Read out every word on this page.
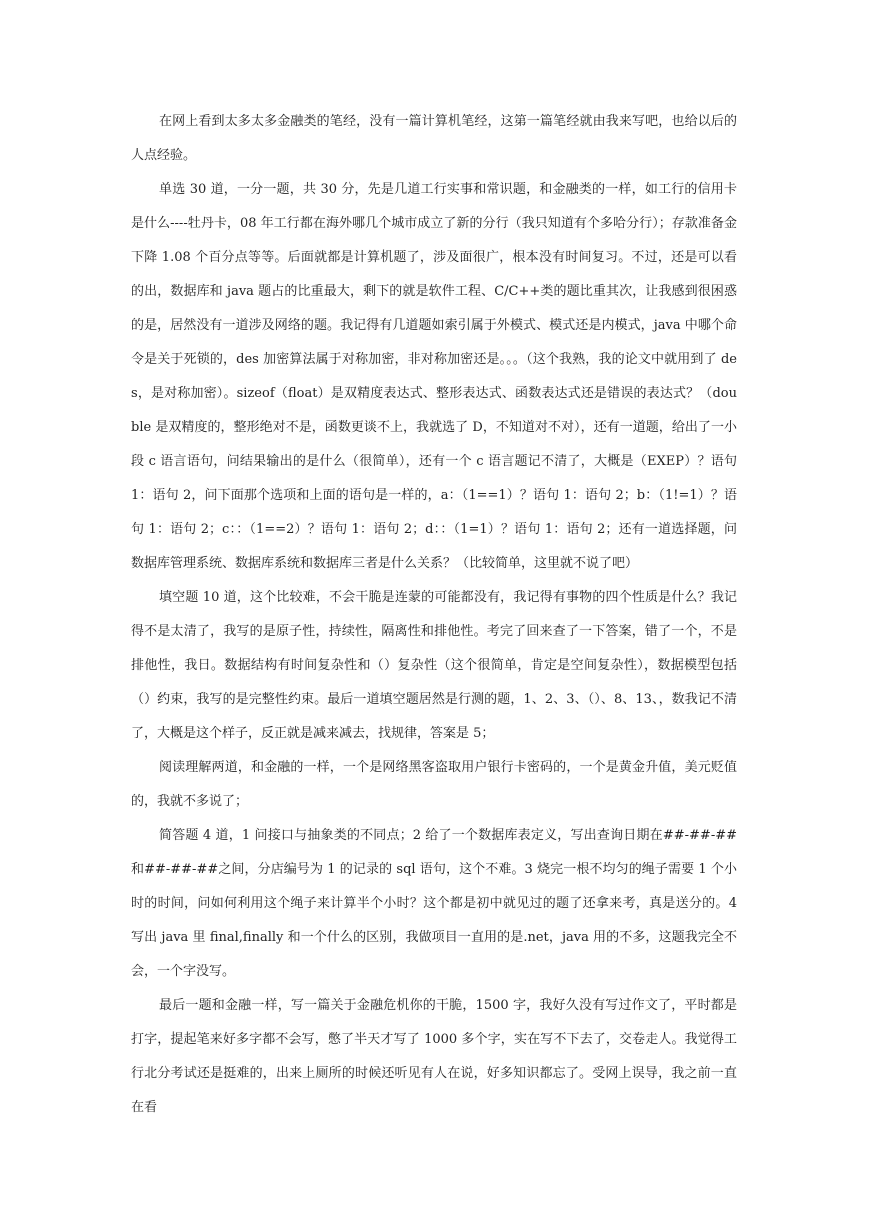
在网上看到太多太多金融类的笔经，没有一篇计算机笔经，这第一篇笔经就由我来写吧，也给以后的人点经验。

单选 30 道，一分一题，共 30 分，先是几道工行实事和常识题，和金融类的一样，如工行的信用卡是什么----牡丹卡，08 年工行都在海外哪几个城市成立了新的分行（我只知道有个多哈分行）；存款准备金下降 1.08 个百分点等等。后面就都是计算机题了，涉及面很广，根本没有时间复习。不过，还是可以看的出，数据库和 java 题占的比重最大，剩下的就是软件工程、C/C++类的题比重其次，让我感到很困惑的是，居然没有一道涉及网络的题。我记得有几道题如索引属于外模式、模式还是内模式，java 中哪个命令是关于死锁的，des 加密算法属于对称加密，非对称加密还是。。。（这个我熟，我的论文中就用到了 des，是对称加密）。sizeof（float）是双精度表达式、整形表达式、函数表达式还是错误的表达式？（double 是双精度的，整形绝对不是，函数更谈不上，我就选了 D，不知道对不对），还有一道题，给出了一小段 c 语言语句，问结果输出的是什么（很简单），还有一个 c 语言题记不清了，大概是（EXEP）？语句 1：语句 2，问下面那个选项和上面的语句是一样的，a：（1==1）？语句 1：语句 2；b：（1!=1）？语句 1：语句 2；c：：（1==2）？语句 1：语句 2；d：：（1=1）？语句 1：语句 2；还有一道选择题，问数据库管理系统、数据库系统和数据库三者是什么关系？（比较简单，这里就不说了吧）

填空题 10 道，这个比较难，不会干脆是连蒙的可能都没有，我记得有事物的四个性质是什么？我记得不是太清了，我写的是原子性，持续性，隔离性和排他性。考完了回来查了一下答案，错了一个，不是排他性，我日。数据结构有时间复杂性和（）复杂性（这个很简单，肯定是空间复杂性），数据模型包括（）约束，我写的是完整性约束。最后一道填空题居然是行测的题，1、2、3、（）、8、13、，数我记不清了，大概是这个样子，反正就是减来减去，找规律，答案是 5；

阅读理解两道，和金融的一样，一个是网络黑客盗取用户银行卡密码的，一个是黄金升值，美元贬值的，我就不多说了；

简答题 4 道，1 问接口与抽象类的不同点；2 给了一个数据库表定义，写出查询日期在##-##-## 和##-##-##之间，分店编号为 1 的记录的 sql 语句，这个不难。3 烧完一根不均匀的绳子需要 1 个小时的时间，问如何利用这个绳子来计算半个小时？这个都是初中就见过的题了还拿来考，真是送分的。4 写出 java 里 final,finally 和一个什么的区别，我做项目一直用的是.net，java 用的不多，这题我完全不会，一个字没写。

最后一题和金融一样，写一篇关于金融危机你的干脆，1500 字，我好久没有写过作文了，平时都是打字，提起笔来好多字都不会写，憋了半天才写了 1000 多个字，实在写不下去了，交卷走人。我觉得工行北分考试还是挺难的，出来上厕所的时候还听见有人在说，好多知识都忘了。受网上误导，我之前一直在看
